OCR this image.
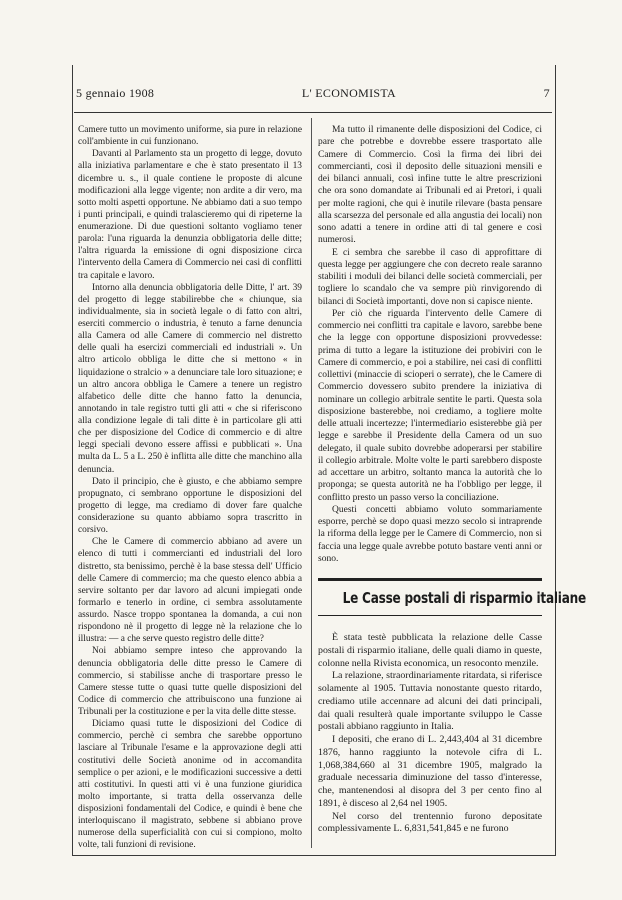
5 gennaio 1908	L' ECONOMISTA	7

Camere tutto un movimento uniforme, sia pure in relazione coll'ambiente in cui funzionano.

Davanti al Parlamento sta un progetto di legge, dovuto alla iniziativa parlamentare e che è stato presentato il 13 dicembre u. s., il quale contiene le proposte di alcune modificazioni alla legge vigente; non ardite a dir vero, ma sotto molti aspetti opportune. Ne abbiamo dati a suo tempo i punti principali, e quindi tralascieremo qui di ripeterne la enumerazione. Di due questioni soltanto vogliamo tener parola: l'una riguarda la denunzia obbligatoria delle ditte; l'altra riguarda la emissione di ogni disposizione circa l'intervento della Camera di Commercio nei casi di conflitti tra capitale e lavoro.

Intorno alla denuncia obbligatoria delle Ditte, l' art. 39 del progetto di legge stabilirebbe che « chiunque, sia individualmente, sia in società legale o di fatto con altri, eserciti commercio o industria, è tenuto a farne denuncia alla Camera od alle Camere di commercio nel distretto delle quali ha esercizi commerciali ed industriali ». Un altro articolo obbliga le ditte che si mettono « in liquidazione o stralcio » a denunciare tale loro situazione; e un altro ancora obbliga le Camere a tenere un registro alfabetico delle ditte che hanno fatto la denuncia, annotando in tale registro tutti gli atti « che si riferiscono alla condizione legale di tali ditte è in particolare gli atti che per disposizione del Codice di commercio e di altre leggi speciali devono essere affissi e pubblicati ». Una multa da L. 5 a L. 250 è inflitta alle ditte che manchino alla denuncia.

Dato il principio, che è giusto, e che abbiamo sempre propugnato, ci sembrano opportune le disposizioni del progetto di legge, ma crediamo di dover fare qualche considerazione su quanto abbiamo sopra trascritto in corsivo.

Che le Camere di commercio abbiano ad avere un elenco di tutti i commercianti ed industriali del loro distretto, sta benissimo, perchè è la base stessa dell' Ufficio delle Camere di commercio; ma che questo elenco abbia a servire soltanto per dar lavoro ad alcuni impiegati onde formarlo e tenerlo in ordine, ci sembra assolutamente assurdo. Nasce troppo spontanea la domanda, a cui non rispondono nè il progetto di legge nè la relazione che lo illustra: — a che serve questo registro delle ditte?

Noi abbiamo sempre inteso che approvando la denuncia obbligatoria delle ditte presso le Camere di commercio, si stabilisse anche di trasportare presso le Camere stesse tutte o quasi tutte quelle disposizioni del Codice di commercio che attribuiscono una funzione ai Tribunali per la costituzione e per la vita delle ditte stesse.

Diciamo quasi tutte le disposizioni del Codice di commercio, perchè ci sembra che sarebbe opportuno lasciare al Tribunale l'esame e la approvazione degli atti costitutivi delle Società anonime od in accomandita semplice o per azioni, e le modificazioni successive a detti atti costitutivi. In questi atti vi è una funzione giuridica molto importante, si tratta della osservanza delle disposizioni fondamentali del Codice, e quindi è bene che interloquiscano il magistrato, sebbene si abbiano prove numerose della superficialità con cui si compiono, molto volte, tali funzioni di revisione.

Ma tutto il rimanente delle disposizioni del Codice, ci pare che potrebbe e dovrebbe essere trasportato alle Camere di Commercio. Così la firma dei libri dei commercianti, così il deposito delle situazioni mensili e dei bilanci annuali, così infine tutte le altre prescrizioni che ora sono domandate ai Tribunali ed ai Pretori, i quali per molte ragioni, che qui è inutile rilevare (basta pensare alla scarsezza del personale ed alla angustia dei locali) non sono adatti a tenere in ordine atti di tal genere e così numerosi.

E ci sembra che sarebbe il caso di approfittare di questa legge per aggiungere che con decreto reale saranno stabiliti i moduli dei bilanci delle società commerciali, per togliere lo scandalo che va sempre più rinvigorendo di bilanci di Società importanti, dove non si capisce niente.

Per ciò che riguarda l'intervento delle Camere di commercio nei conflitti tra capitale e lavoro, sarebbe bene che la legge con opportune disposizioni provvedesse: prima di tutto a legare la istituzione dei probiviri con le Camere di commercio, e poi a stabilire, nei casi di conflitti collettivi (minaccie di scioperi o serrate), che le Camere di Commercio dovessero subito prendere la iniziativa di nominare un collegio arbitrale sentite le parti. Questa sola disposizione basterebbe, noi crediamo, a togliere molte delle attuali incertezze; l'intermediario esisterebbe già per legge e sarebbe il Presidente della Camera od un suo delegato, il quale subito dovrebbe adoperarsi per stabilire il collegio arbitrale. Molte volte le parti sarebbero disposte ad accettare un arbitro, soltanto manca la autorità che lo proponga; se questa autorità ne ha l'obbligo per legge, il conflitto presto un passo verso la conciliazione.

Questi concetti abbiamo voluto sommariamente esporre, perchè se dopo quasi mezzo secolo si intraprende la riforma della legge per le Camere di Commercio, non si faccia una legge quale avrebbe potuto bastare venti anni or sono.

Le Casse postali di risparmio italiane

È stata testè pubblicata la relazione delle Casse postali di risparmio italiane, delle quali diamo in queste, colonne nella Rivista economica, un resoconto menzile.

La relazione, straordinariamente ritardata, si riferisce solamente al 1905. Tuttavia nonostante questo ritardo, crediamo utile accennare ad alcuni dei dati principali, dai quali resulterà quale importante sviluppo le Casse postali abbiano raggiunto in Italia.

I depositi, che erano di L. 2,443,404 al 31 dicembre 1876, hanno raggiunto la notevole cifra di L. 1,068,384,660 al 31 dicembre 1905, malgrado la graduale necessaria diminuzione del tasso d'interesse, che, mantenendosi al disopra del 3 per cento fino al 1891, è disceso al 2,64 nel 1905.

Nel corso del trentennio furono depositate complessivamente L. 6,831,541,845 e ne furono
